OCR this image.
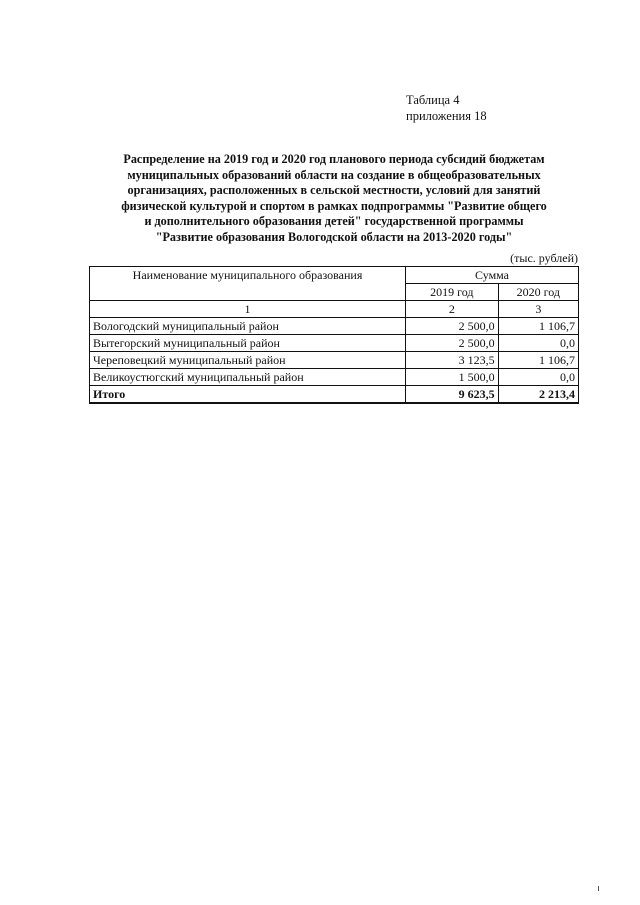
Таблица 4
приложения 18
Распределение на 2019 год и 2020 год планового периода субсидий бюджетам
муниципальных образований области на создание в общеобразовательных
организациях, расположенных в сельской местности, условий для занятий
физической культурой и спортом в рамках подпрограммы "Развитие общего
и дополнительного образования детей" государственной программы
"Развитие образования Вологодской области на 2013-2020 годы"
(тыс. рублей)
Наименование муниципального образования	Сумма	
	2019 год	2020 год
1	2	3
Вологодский муниципальный район	2 500,0	1 106,7
Вытегорский муниципальный район	2 500,0	0,0
Череповецкий муниципальный район	3 123,5	1 106,7
Великоустюгский муниципальный район	1 500,0	0,0
Итого	9 623,5	2 213,4
